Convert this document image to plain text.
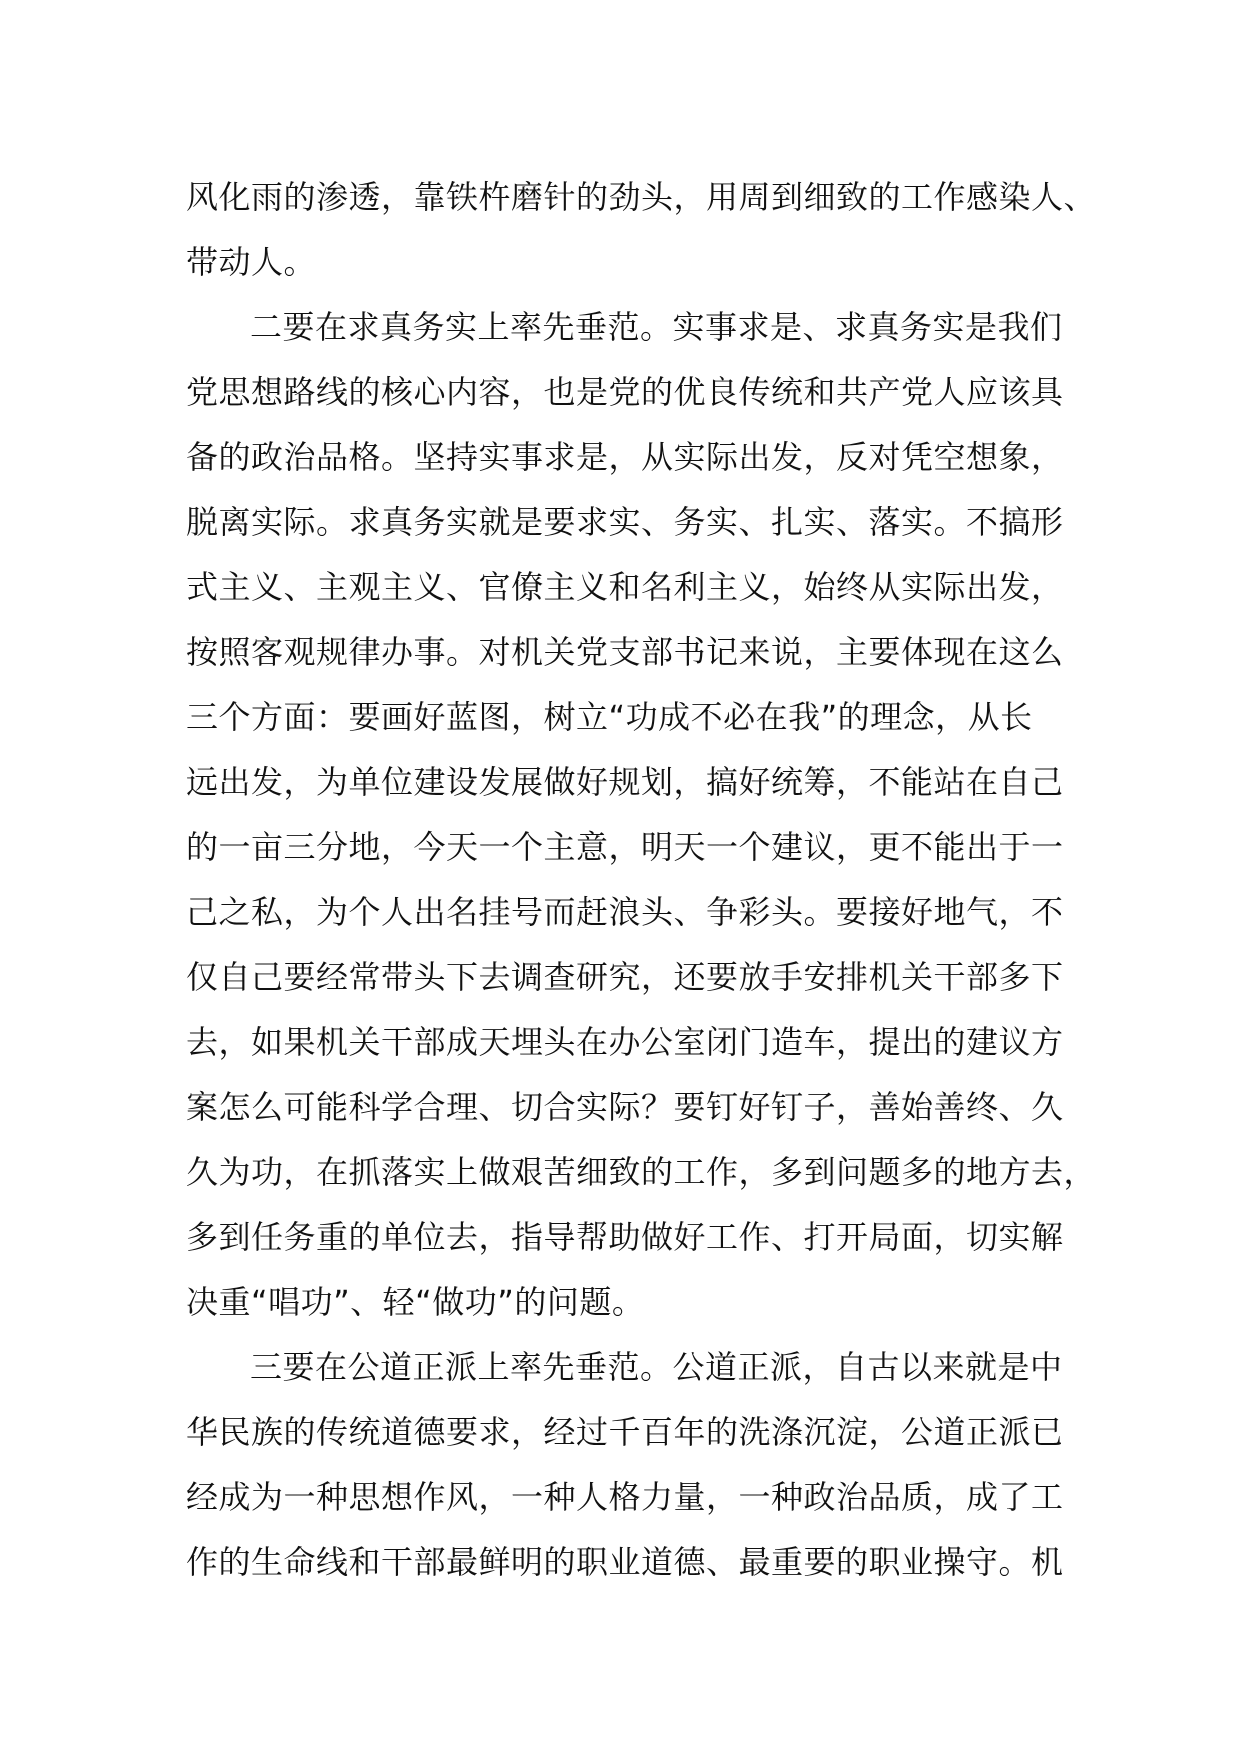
风化雨的渗透，靠铁杵磨针的劲头，用周到细致的工作感染人、
带动人。
二要在求真务实上率先垂范。实事求是、求真务实是我们
党思想路线的核心内容，也是党的优良传统和共产党人应该具
备的政治品格。坚持实事求是，从实际出发，反对凭空想象，
脱离实际。求真务实就是要求实、务实、扎实、落实。不搞形
式主义、主观主义、官僚主义和名利主义，始终从实际出发，
按照客观规律办事。对机关党支部书记来说，主要体现在这么
三个方面：要画好蓝图，树立“功成不必在我”的理念，从长
远出发，为单位建设发展做好规划，搞好统筹，不能站在自己
的一亩三分地，今天一个主意，明天一个建议，更不能出于一
己之私，为个人出名挂号而赶浪头、争彩头。要接好地气，不
仅自己要经常带头下去调查研究，还要放手安排机关干部多下
去，如果机关干部成天埋头在办公室闭门造车，提出的建议方
案怎么可能科学合理、切合实际？要钉好钉子，善始善终、久
久为功，在抓落实上做艰苦细致的工作，多到问题多的地方去，
多到任务重的单位去，指导帮助做好工作、打开局面，切实解
决重“唱功”、轻“做功”的问题。
三要在公道正派上率先垂范。公道正派，自古以来就是中
华民族的传统道德要求，经过千百年的洗涤沉淀，公道正派已
经成为一种思想作风，一种人格力量，一种政治品质，成了工
作的生命线和干部最鲜明的职业道德、最重要的职业操守。机
